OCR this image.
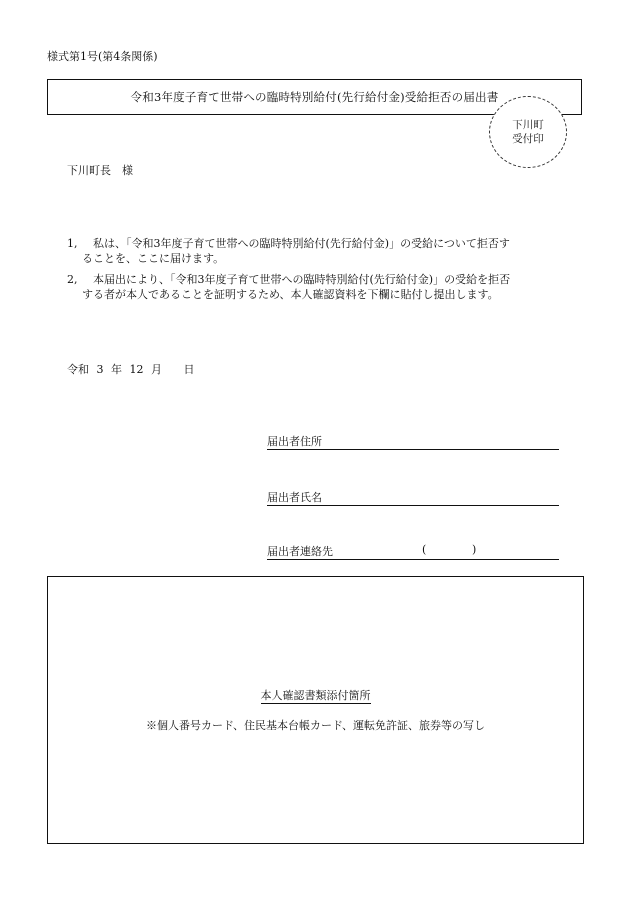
様式第1号(第4条関係)
令和3年度子育て世帯への臨時特別給付(先行給付金)受給拒否の届出書
下川町
受付印
下川町長　様
1, 私は、「令和3年度子育て世帯への臨時特別給付(先行給付金)」の受給について拒否す
ることを、ここに届けます。
2, 本届出により、「令和3年度子育て世帯への臨時特別給付(先行給付金)」の受給を拒否
する者が本人であることを証明するため、本人確認資料を下欄に貼付し提出します。
令和 3 年 12 月 日
届出者住所
届出者氏名
届出者連絡先	(	)
本人確認書類添付箇所
※個人番号カード、住民基本台帳カード、運転免許証、旅券等の写し
